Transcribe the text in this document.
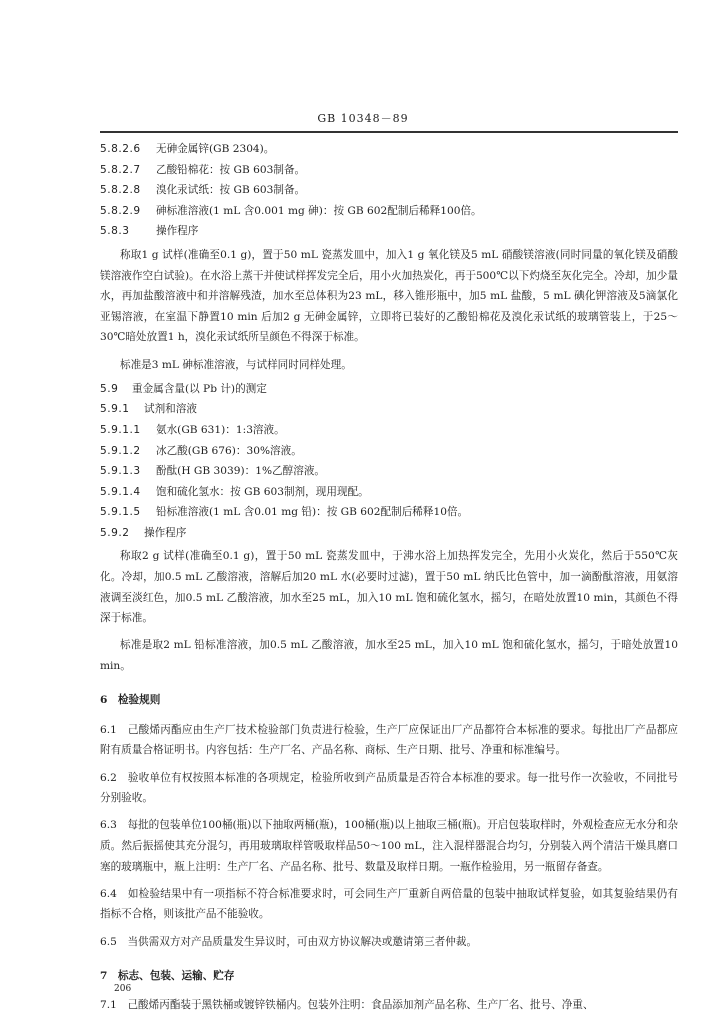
GB 10348－89
5.8.2.6 无砷金属锌(GB 2304)。
5.8.2.7 乙酸铅棉花：按 GB 603制备。
5.8.2.8 溴化汞试纸：按 GB 603制备。
5.8.2.9 砷标准溶液(1 mL 含0.001 mg 砷)：按 GB 602配制后稀释100倍。
5.8.3	操作程序

称取1 g 试样(准确至0.1 g)，置于50 mL 瓷蒸发皿中，加入1 g 氧化镁及5 mL 硝酸镁溶液(同时同量的氧化镁及硝酸镁溶液作空白试验)。在水浴上蒸干并使试样挥发完全后，用小火加热炭化，再于500℃以下灼烧至灰化完全。冷却，加少量水，再加盐酸溶液中和并溶解残渣，加水至总体积为23 mL，移入锥形瓶中，加5 mL 盐酸，5 mL 碘化钾溶液及5滴氯化亚锡溶液，在室温下静置10 min 后加2 g 无砷金属锌，立即将已装好的乙酸铅棉花及溴化汞试纸的玻璃管装上，于25～30℃暗处放置1 h，溴化汞试纸所呈颜色不得深于标准。

标准是3 mL 砷标准溶液，与试样同时同样处理。

5.9 重金属含量(以 Pb 计)的测定
5.9.1 试剂和溶液
5.9.1.1 氨水(GB 631)：1:3溶液。
5.9.1.2 冰乙酸(GB 676)：30%溶液。
5.9.1.3 酚酞(H GB 3039)：1%乙醇溶液。
5.9.1.4 饱和硫化氢水：按 GB 603制剂，现用现配。
5.9.1.5 铅标准溶液(1 mL 含0.01 mg 铅)：按 GB 602配制后稀释10倍。
5.9.2 操作程序

称取2 g 试样(准确至0.1 g)，置于50 mL 瓷蒸发皿中，于沸水浴上加热挥发完全，先用小火炭化，然后于550℃灰化。冷却，加0.5 mL 乙酸溶液，溶解后加20 mL 水(必要时过滤)，置于50 mL 纳氏比色管中，加一滴酚酞溶液，用氨溶液调至淡红色，加0.5 mL 乙酸溶液，加水至25 mL，加入10 mL 饱和硫化氢水，摇匀，在暗处放置10 min，其颜色不得深于标准。

标准是取2 mL 铅标准溶液，加0.5 mL 乙酸溶液，加水至25 mL，加入10 mL 饱和硫化氢水，摇匀，于暗处放置10 min。

6　检验规则

6.1　 己酸烯丙酯应由生产厂技术检验部门负责进行检验，生产厂应保证出厂产品都符合本标准的要求。每批出厂产品都应附有质量合格证明书。内容包括：生产厂名、产品名称、商标、生产日期、批号、净重和标准编号。

6.2　 验收单位有权按照本标准的各项规定，检验所收到产品质量是否符合本标准的要求。每一批号作一次验收，不同批号分别验收。

6.3　 每批的包装单位100桶(瓶)以下抽取两桶(瓶)，100桶(瓶)以上抽取三桶(瓶)。开启包装取样时，外观检查应无水分和杂质。然后振摇使其充分混匀，再用玻璃取样管吸取样品50～100 mL，注入混样器混合均匀，分别装入两个清洁干燥具磨口塞的玻璃瓶中，瓶上注明：生产厂名、产品名称、批号、数量及取样日期。一瓶作检验用，另一瓶留存备查。

6.4　 如检验结果中有一项指标不符合标准要求时，可会同生产厂重新自两倍量的包装中抽取试样复验，如其复验结果仍有指标不合格，则该批产品不能验收。

6.5　 当供需双方对产品质量发生异议时，可由双方协议解决或邀请第三者仲裁。

7　标志、包装、运输、贮存

7.1　 己酸烯丙酯装于黑铁桶或镀锌铁桶内。包装外注明：食品添加剂产品名称、生产厂名、批号、净重、

206
